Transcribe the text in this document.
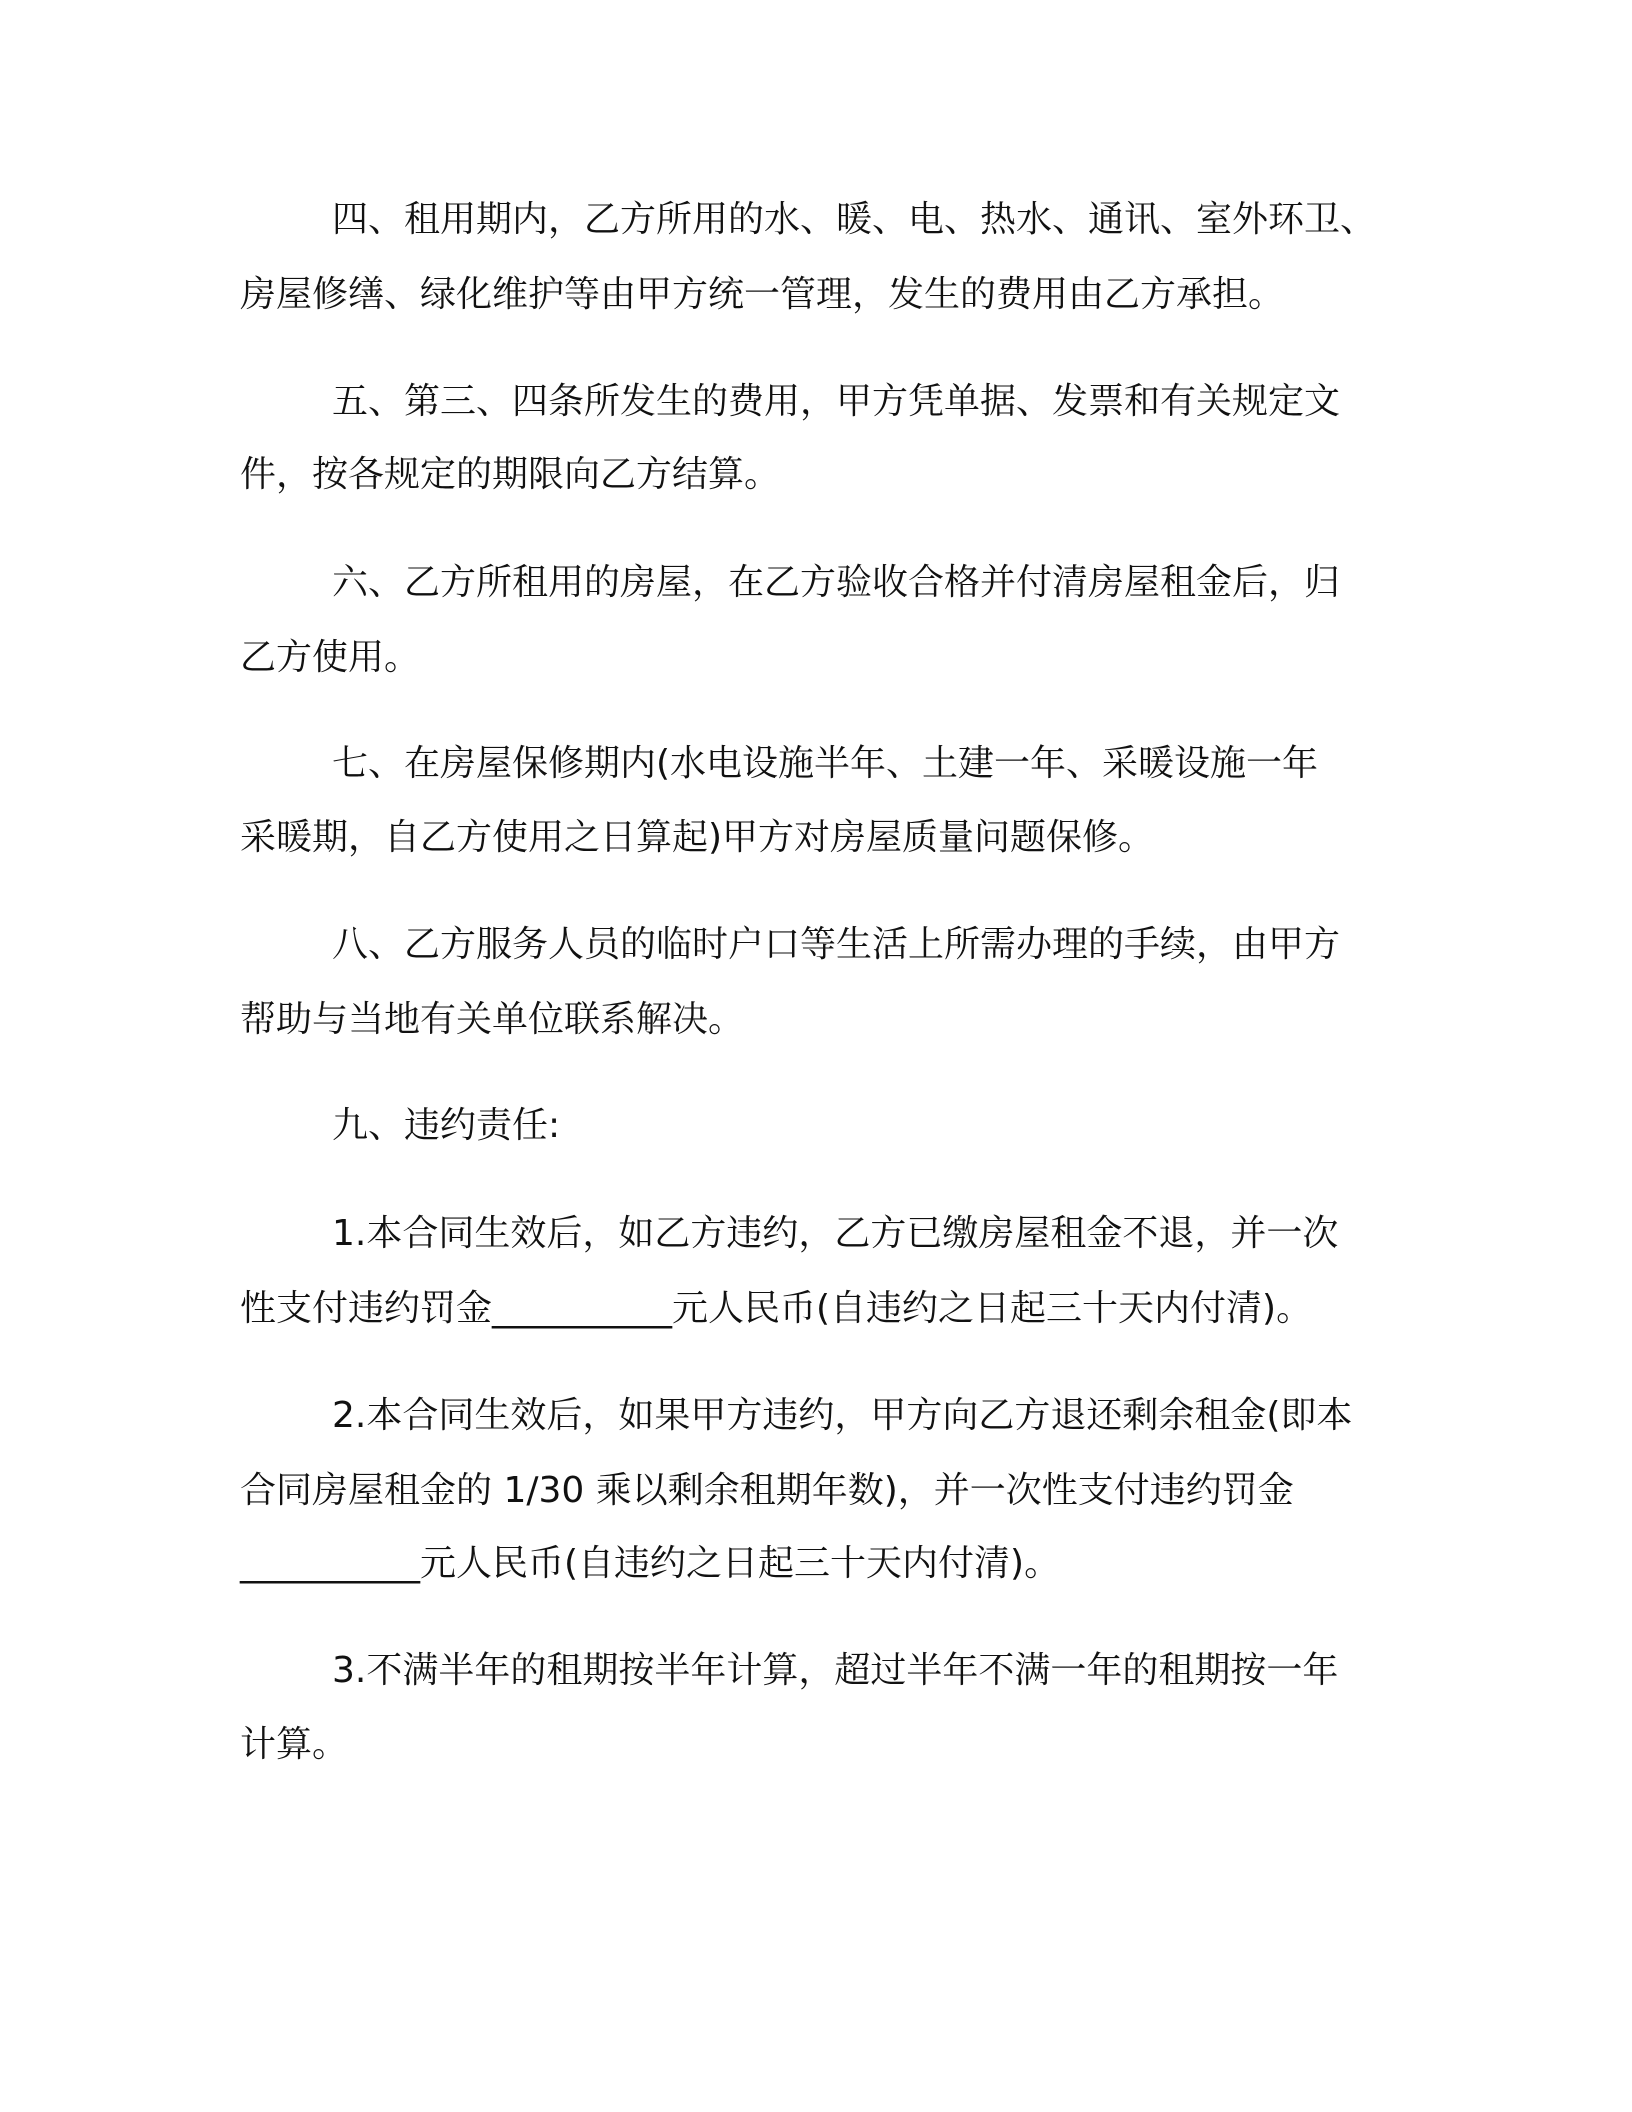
四、租用期内，乙方所用的水、暖、电、热水、通讯、室外环卫、

房屋修缮、绿化维护等由甲方统一管理，发生的费用由乙方承担。

五、第三、四条所发生的费用，甲方凭单据、发票和有关规定文

件，按各规定的期限向乙方结算。

六、乙方所租用的房屋，在乙方验收合格并付清房屋租金后，归

乙方使用。

七、在房屋保修期内(水电设施半年、土建一年、采暖设施一年

采暖期，自乙方使用之日算起)甲方对房屋质量问题保修。

八、乙方服务人员的临时户口等生活上所需办理的手续，由甲方

帮助与当地有关单位联系解决。

九、违约责任:

1.本合同生效后，如乙方违约，乙方已缴房屋租金不退，并一次

性支付违约罚金__________元人民币(自违约之日起三十天内付清)。

2.本合同生效后，如果甲方违约，甲方向乙方退还剩余租金(即本

合同房屋租金的 1/30 乘以剩余租期年数)，并一次性支付违约罚金

__________元人民币(自违约之日起三十天内付清)。

3.不满半年的租期按半年计算，超过半年不满一年的租期按一年

计算。
